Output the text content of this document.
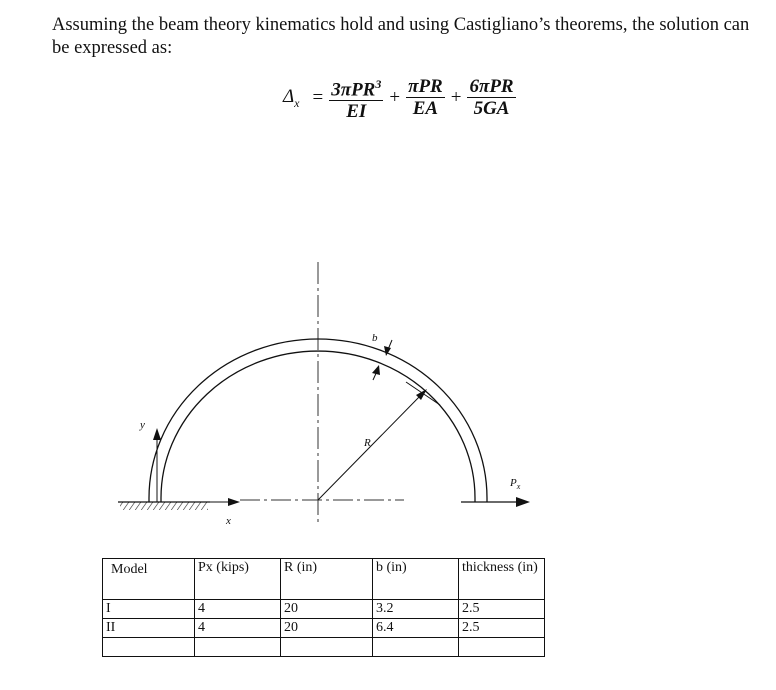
Assuming the beam theory kinematics hold and using Castigliano’s theorems, the solution can be expressed as:

$\Delta_x = \frac{3\pi PR^3}{EI} + \frac{\text{πPR}}{EA} + \frac{\text{6πPR}}{5GA}$
y
x
R
b
$P_x$
Model	Px (kips)	R (in)	b (in)	thickness (in)
I	4	20	3.2	2.5
II	4	20	6.4	2.5
